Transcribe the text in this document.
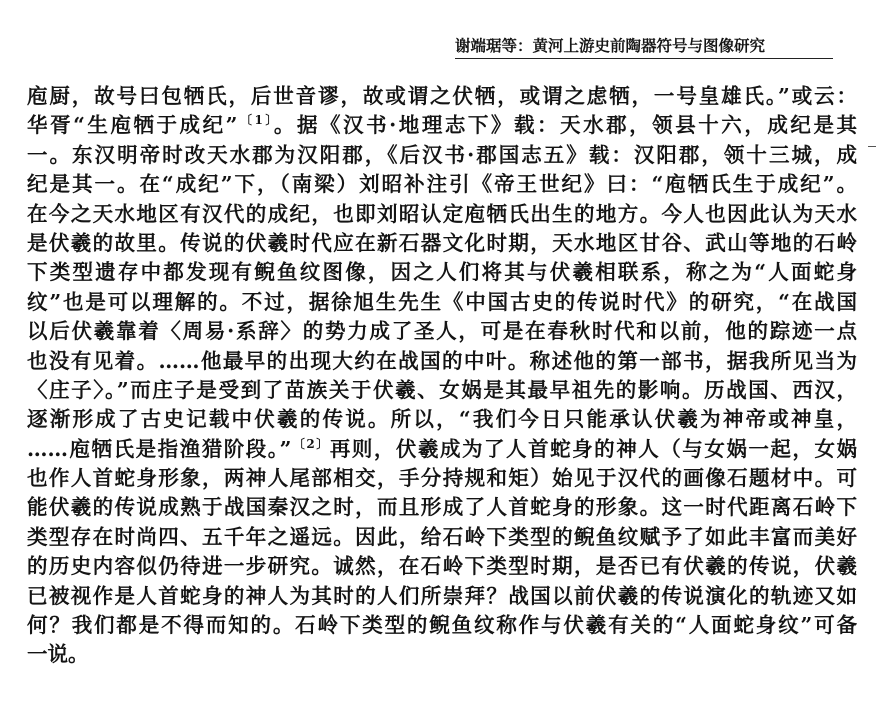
谢端琚等：黄河上游史前陶器符号与图像研究
庖厨，故号曰包牺氏，后世音谬，故或谓之伏牺，或谓之虑牺，一号皇雄氏。”或云：
华胥“生庖牺于成纪”$^{〔1〕}$。据《汉书·地理志下》载：天水郡，领县十六，成纪是其
一。东汉明帝时改天水郡为汉阳郡，《后汉书·郡国志五》载：汉阳郡，领十三城，成
纪是其一。在“成纪”下，（南梁）刘昭补注引《帝王世纪》曰：“庖牺氏生于成纪”。
在今之天水地区有汉代的成纪，也即刘昭认定庖牺氏出生的地方。今人也因此认为天水
是伏羲的故里。传说的伏羲时代应在新石器文化时期，天水地区甘谷、武山等地的石岭
下类型遗存中都发现有鲵鱼纹图像，因之人们将其与伏羲相联系，称之为“人面蛇身
纹”也是可以理解的。不过，据徐旭生先生《中国古史的传说时代》的研究，“在战国
以后伏羲靠着〈周易·系辞〉的势力成了圣人，可是在春秋时代和以前，他的踪迹一点
也没有见着。……他最早的出现大约在战国的中叶。称述他的第一部书，据我所见当为
〈庄子〉。”而庄子是受到了苗族关于伏羲、女娲是其最早祖先的影响。历战国、西汉，
逐渐形成了古史记载中伏羲的传说。所以，“我们今日只能承认伏羲为神帝或神皇，
……庖牺氏是指渔猎阶段。”$^{〔2〕}$再则，伏羲成为了人首蛇身的神人（与女娲一起，女娲
也作人首蛇身形象，两神人尾部相交，手分持规和矩）始见于汉代的画像石题材中。可
能伏羲的传说成熟于战国秦汉之时，而且形成了人首蛇身的形象。这一时代距离石岭下
类型存在时尚四、五千年之遥远。因此，给石岭下类型的鲵鱼纹赋予了如此丰富而美好
的历史内容似仍待进一步研究。诚然，在石岭下类型时期，是否已有伏羲的传说，伏羲
已被视作是人首蛇身的神人为其时的人们所崇拜？战国以前伏羲的传说演化的轨迹又如
何？我们都是不得而知的。石岭下类型的鲵鱼纹称作与伏羲有关的“人面蛇身纹”可备
一说。
